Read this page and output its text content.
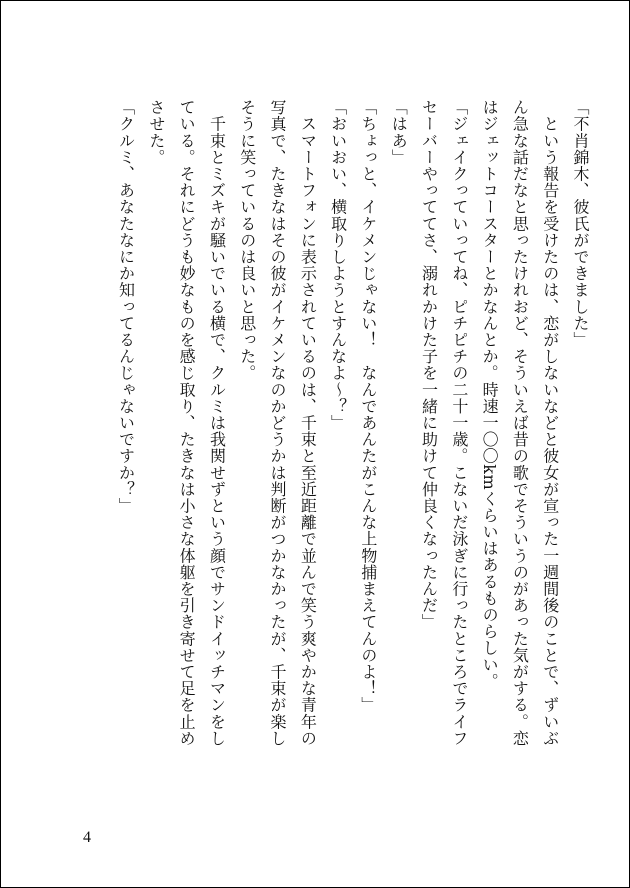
「不肖錦木、彼氏ができました」
　という報告を受けたのは、恋がしないなどと彼女が宣った一週間後のことで、ずいぶ
ん急な話だなと思ったけれおど、そういえば昔の歌でそういうのがあった気がする。恋
はジェットコースターとかなんとか。時速一〇〇kmくらいはあるものらしい。
「ジェイクっていってね、ピチピチの二十一歳。こないだ泳ぎに行ったところでライフ
セーバーやっててさ、溺れかけた子を一緒に助けて仲良くなったんだ」
「はあ」
「ちょっと、イケメンじゃない！　なんであんたがこんな上物捕まえてんのよ！」
「おいおい、横取りしようとすんなよ～？」
　スマートフォンに表示されているのは、千束と至近距離で並んで笑う爽やかな青年の
写真で、たきなはその彼がイケメンなのかどうかは判断がつかなかったが、千束が楽し
そうに笑っているのは良いと思った。
　千束とミズキが騒いでいる横で、クルミは我関せずという顔でサンドイッチマンをし
ている。それにどうも妙なものを感じ取り、たきなは小さな体躯を引き寄せて足を止め
させた。
「クルミ、あなたなにか知ってるんじゃないですか？」
4
